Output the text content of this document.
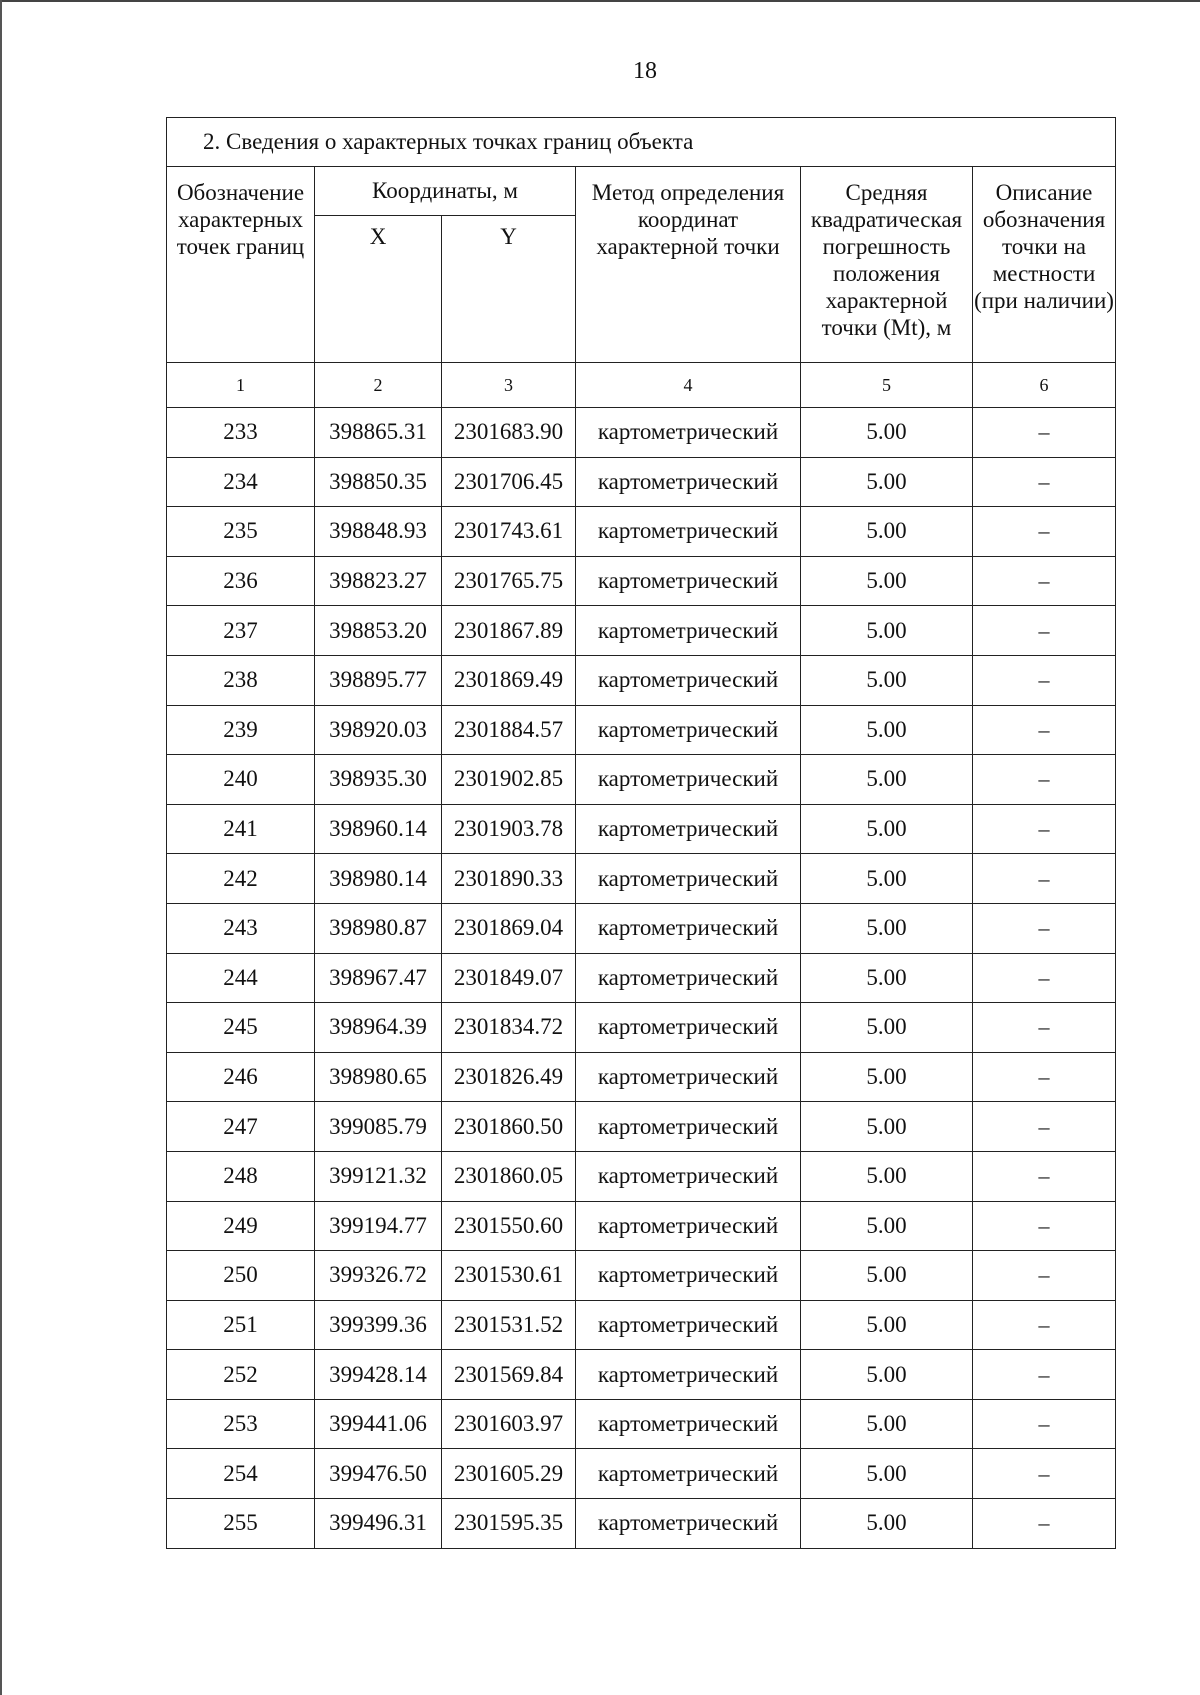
18
2. Сведения о характерных точках границ объекта					
Обозначение характерных точек границ	Координаты, м		Метод определения координат характерной точки	Средняя квадратическая погрешность положения характерной точки (Mt), м	Описание обозначения точки на местности (при наличии)
	X	Y			
1	2	3	4	5	6
233	398865.31	2301683.90	картометрический	5.00	–
234	398850.35	2301706.45	картометрический	5.00	–
235	398848.93	2301743.61	картометрический	5.00	–
236	398823.27	2301765.75	картометрический	5.00	–
237	398853.20	2301867.89	картометрический	5.00	–
238	398895.77	2301869.49	картометрический	5.00	–
239	398920.03	2301884.57	картометрический	5.00	–
240	398935.30	2301902.85	картометрический	5.00	–
241	398960.14	2301903.78	картометрический	5.00	–
242	398980.14	2301890.33	картометрический	5.00	–
243	398980.87	2301869.04	картометрический	5.00	–
244	398967.47	2301849.07	картометрический	5.00	–
245	398964.39	2301834.72	картометрический	5.00	–
246	398980.65	2301826.49	картометрический	5.00	–
247	399085.79	2301860.50	картометрический	5.00	–
248	399121.32	2301860.05	картометрический	5.00	–
249	399194.77	2301550.60	картометрический	5.00	–
250	399326.72	2301530.61	картометрический	5.00	–
251	399399.36	2301531.52	картометрический	5.00	–
252	399428.14	2301569.84	картометрический	5.00	–
253	399441.06	2301603.97	картометрический	5.00	–
254	399476.50	2301605.29	картометрический	5.00	–
255	399496.31	2301595.35	картометрический	5.00	–
